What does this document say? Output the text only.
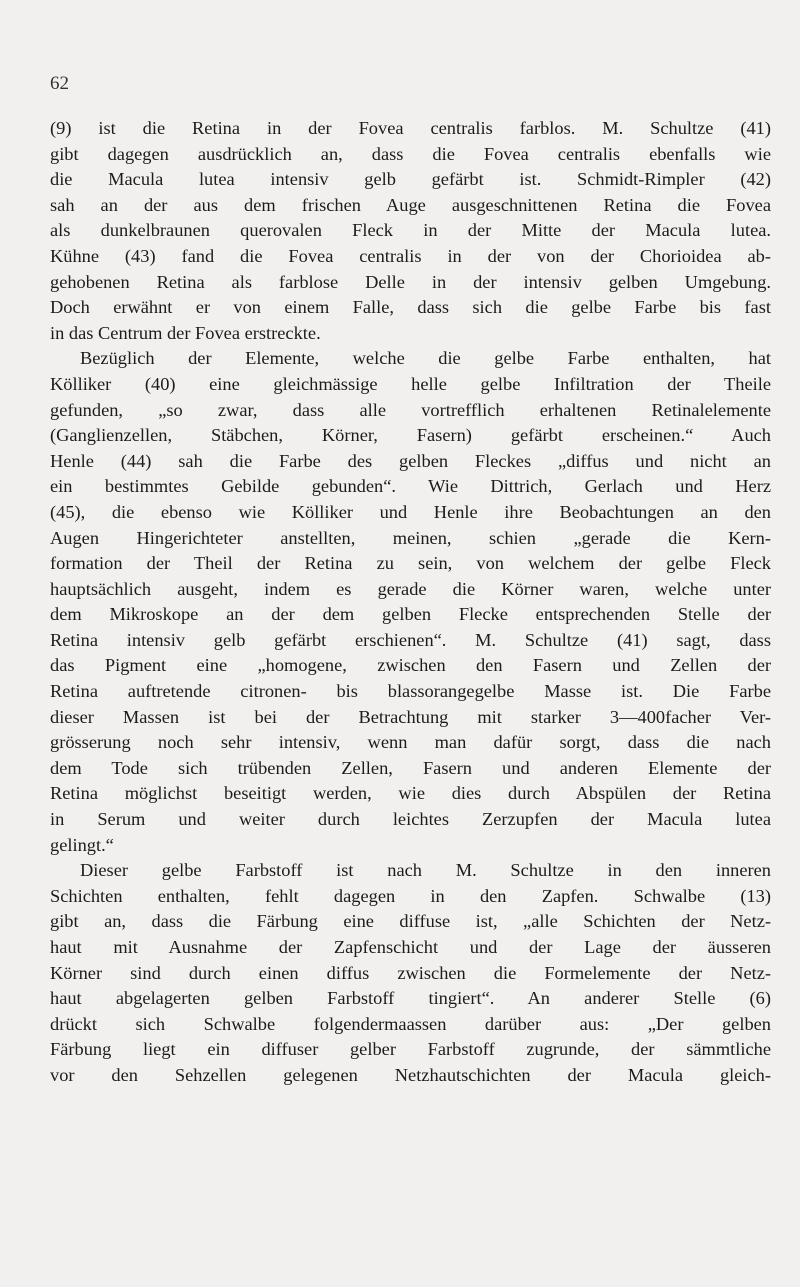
62
(9) ist die Retina in der Fovea centralis farblos. M. Schultze (41)
gibt dagegen ausdrücklich an, dass die Fovea centralis ebenfalls wie
die Macula lutea intensiv gelb gefärbt ist. Schmidt-Rimpler (42)
sah an der aus dem frischen Auge ausgeschnittenen Retina die Fovea
als dunkelbraunen querovalen Fleck in der Mitte der Macula lutea.
Kühne (43) fand die Fovea centralis in der von der Chorioidea ab-
gehobenen Retina als farblose Delle in der intensiv gelben Umgebung.
Doch erwähnt er von einem Falle, dass sich die gelbe Farbe bis fast
in das Centrum der Fovea erstreckte.
Bezüglich der Elemente, welche die gelbe Farbe enthalten, hat
Kölliker (40) eine gleichmässige helle gelbe Infiltration der Theile
gefunden, „so zwar, dass alle vortrefflich erhaltenen Retinalelemente
(Ganglienzellen, Stäbchen, Körner, Fasern) gefärbt erscheinen.“ Auch
Henle (44) sah die Farbe des gelben Fleckes „diffus und nicht an
ein bestimmtes Gebilde gebunden“. Wie Dittrich, Gerlach und Herz
(45), die ebenso wie Kölliker und Henle ihre Beobachtungen an den
Augen Hingerichteter anstellten, meinen, schien „gerade die Kern-
formation der Theil der Retina zu sein, von welchem der gelbe Fleck
hauptsächlich ausgeht, indem es gerade die Körner waren, welche unter
dem Mikroskope an der dem gelben Flecke entsprechenden Stelle der
Retina intensiv gelb gefärbt erschienen“. M. Schultze (41) sagt, dass
das Pigment eine „homogene, zwischen den Fasern und Zellen der
Retina auftretende citronen- bis blassorangegelbe Masse ist. Die Farbe
dieser Massen ist bei der Betrachtung mit starker 3—400facher Ver-
grösserung noch sehr intensiv, wenn man dafür sorgt, dass die nach
dem Tode sich trübenden Zellen, Fasern und anderen Elemente der
Retina möglichst beseitigt werden, wie dies durch Abspülen der Retina
in Serum und weiter durch leichtes Zerzupfen der Macula lutea
gelingt.“
Dieser gelbe Farbstoff ist nach M. Schultze in den inneren
Schichten enthalten, fehlt dagegen in den Zapfen. Schwalbe (13)
gibt an, dass die Färbung eine diffuse ist, „alle Schichten der Netz-
haut mit Ausnahme der Zapfenschicht und der Lage der äusseren
Körner sind durch einen diffus zwischen die Formelemente der Netz-
haut abgelagerten gelben Farbstoff tingiert“. An anderer Stelle (6)
drückt sich Schwalbe folgendermaassen darüber aus: „Der gelben
Färbung liegt ein diffuser gelber Farbstoff zugrunde, der sämmtliche
vor den Sehzellen gelegenen Netzhautschichten der Macula gleich-
